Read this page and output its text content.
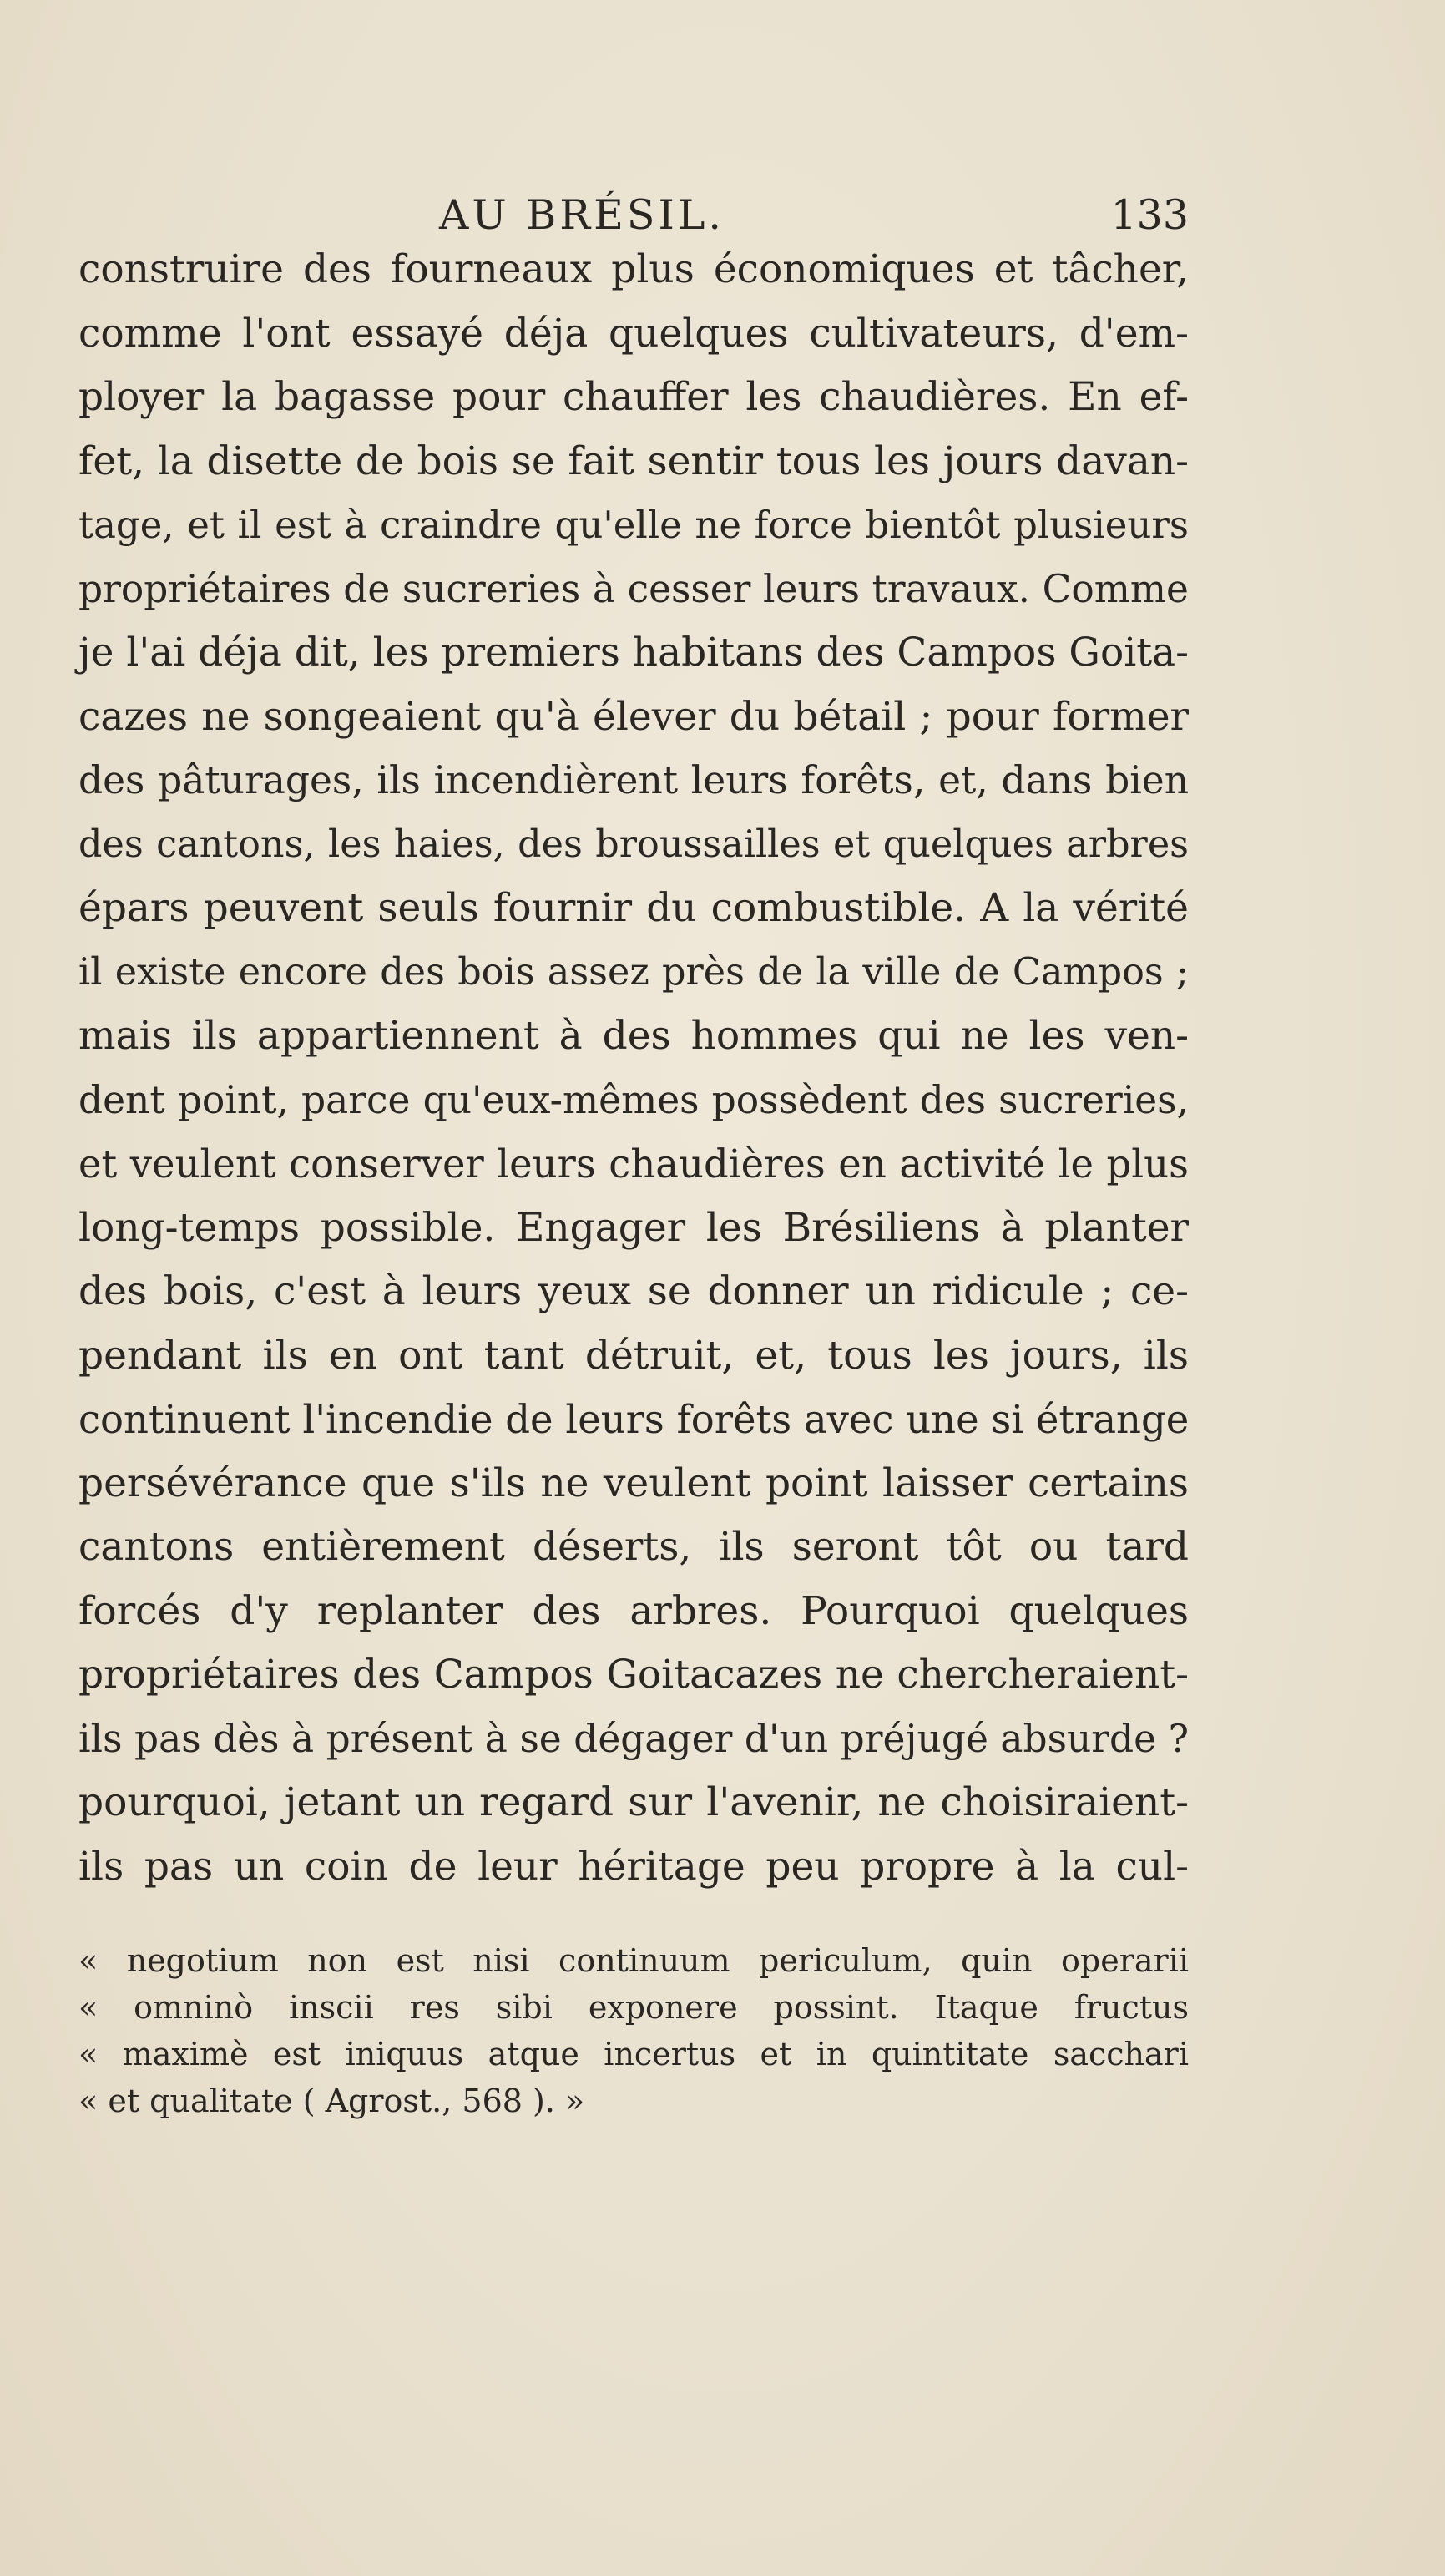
AU BRÉSIL.	133
construire des fourneaux plus économiques et tâcher,
comme l'ont essayé déja quelques cultivateurs, d'em-
ployer la bagasse pour chauffer les chaudières. En ef-
fet, la disette de bois se fait sentir tous les jours davan-
tage, et il est à craindre qu'elle ne force bientôt plusieurs
propriétaires de sucreries à cesser leurs travaux. Comme
je l'ai déja dit, les premiers habitans des Campos Goita-
cazes ne songeaient qu'à élever du bétail ; pour former
des pâturages, ils incendièrent leurs forêts, et, dans bien
des cantons, les haies, des broussailles et quelques arbres
épars peuvent seuls fournir du combustible. A la vérité
il existe encore des bois assez près de la ville de Campos ;
mais ils appartiennent à des hommes qui ne les ven-
dent point, parce qu'eux-mêmes possèdent des sucreries,
et veulent conserver leurs chaudières en activité le plus
long-temps possible. Engager les Brésiliens à planter
des bois, c'est à leurs yeux se donner un ridicule ; ce-
pendant ils en ont tant détruit, et, tous les jours, ils
continuent l'incendie de leurs forêts avec une si étrange
persévérance que s'ils ne veulent point laisser certains
cantons entièrement déserts, ils seront tôt ou tard
forcés d'y replanter des arbres. Pourquoi quelques
propriétaires des Campos Goitacazes ne chercheraient-
ils pas dès à présent à se dégager d'un préjugé absurde ?
pourquoi, jetant un regard sur l'avenir, ne choisiraient-
ils pas un coin de leur héritage peu propre à la cul-
« negotium non est nisi continuum periculum, quin operarii
« omninò inscii res sibi exponere possint. Itaque fructus
« maximè est iniquus atque incertus et in quintitate sacchari
« et qualitate ( Agrost., 568 ). »
